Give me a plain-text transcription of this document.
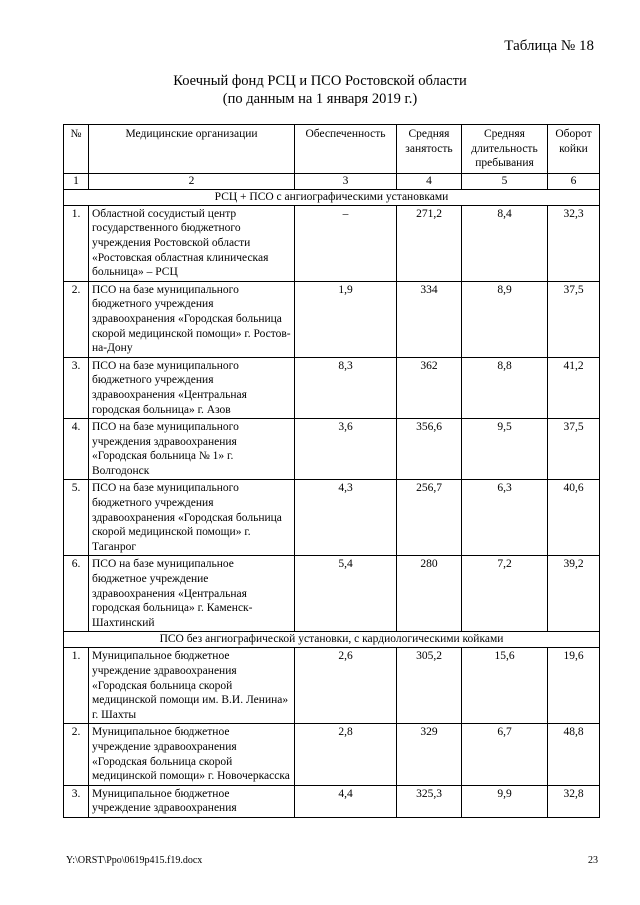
Таблица № 18
Коечный фонд РСЦ и ПСО Ростовской области
(по данным на 1 января 2019 г.)
№	Медицинские организации	Обеспеченность	Средняя занятость	Средняя длительность пребывания	Оборот койки
1	2	3	4	5	6
РСЦ + ПСО с ангиографическими установками					
1.	Областной сосудистый центр государственного бюджетного учреждения Ростовской области «Ростовская областная клиническая больница» – РСЦ	–	271,2	8,4	32,3
2.	ПСО на базе муниципального бюджетного учреждения здравоохранения «Городская больница скорой медицинской помощи» г. Ростов-на-Дону	1,9	334	8,9	37,5
3.	ПСО на базе муниципального бюджетного учреждения здравоохранения «Центральная городская больница» г. Азов	8,3	362	8,8	41,2
4.	ПСО на базе муниципального учреждения здравоохранения «Городская больница № 1» г. Волгодонск	3,6	356,6	9,5	37,5
5.	ПСО на базе муниципального бюджетного учреждения здравоохранения «Городская больница скорой медицинской помощи» г. Таганрог	4,3	256,7	6,3	40,6
6.	ПСО на базе муниципальное бюджетное учреждение здравоохранения «Центральная городская больница» г. Каменск-Шахтинский	5,4	280	7,2	39,2
ПСО без ангиографической установки, с кардиологическими койками					
1.	Муниципальное бюджетное учреждение здравоохранения «Городская больница скорой медицинской помощи им. В.И. Ленина» г. Шахты	2,6	305,2	15,6	19,6
2.	Муниципальное бюджетное учреждение здравоохранения «Городская больница скорой медицинской помощи» г. Новочеркасска	2,8	329	6,7	48,8
3.	Муниципальное бюджетное учреждение здравоохранения	4,4	325,3	9,9	32,8
Y:\ORST\Ppo\0619p415.f19.docx	23
